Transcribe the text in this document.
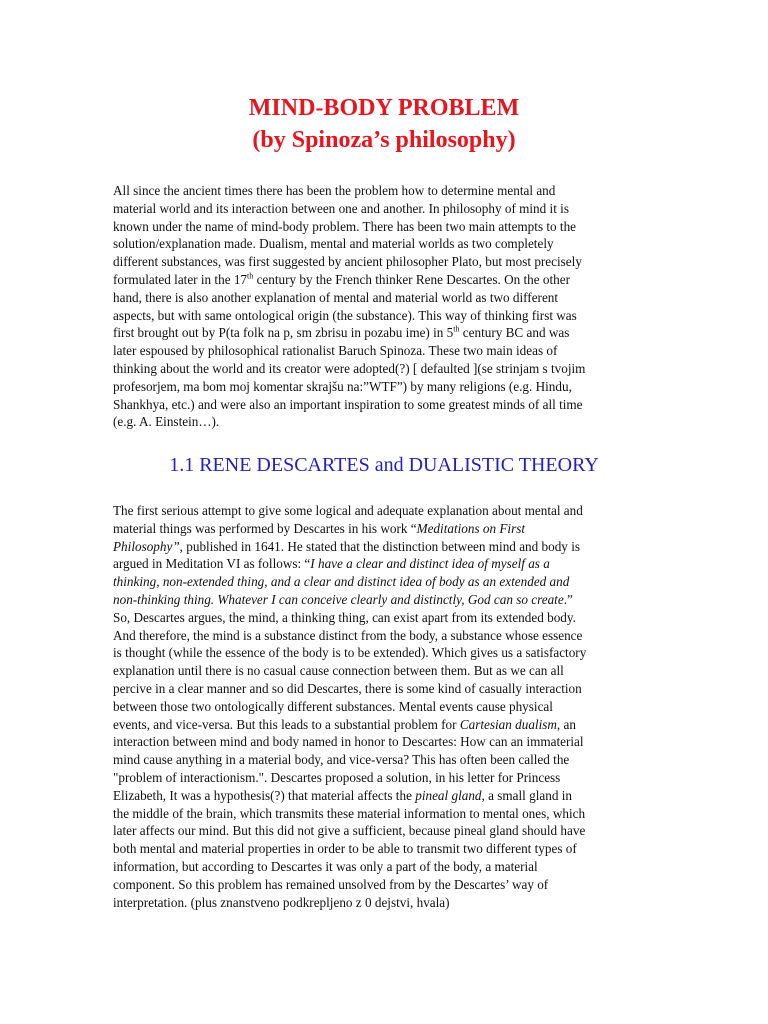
MIND-BODY PROBLEM
(by Spinoza’s philosophy)
All since the ancient times there has been the problem how to determine mental and
material world and its interaction between one and another. In philosophy of mind it is
known under the name of mind-body problem. There has been two main attempts to the
solution/explanation made. Dualism, mental and material worlds as two completely
different substances, was first suggested by ancient philosopher Plato, but most precisely
formulated later in the 17th century by the French thinker Rene Descartes. On the other
hand, there is also another explanation of mental and material world as two different
aspects, but with same ontological origin (the substance). This way of thinking first was
first brought out by P(ta folk na p, sm zbrisu in pozabu ime) in 5th century BC and was
later espoused by philosophical rationalist Baruch Spinoza. These two main ideas of
thinking about the world and its creator were adopted(?) [ defaulted ](se strinjam s tvojim
profesorjem, ma bom moj komentar skrajšu na:”WTF”) by many religions (e.g. Hindu,
Shankhya, etc.) and were also an important inspiration to some greatest minds of all time
(e.g. A. Einstein…).
1.1 RENE DESCARTES and DUALISTIC THEORY
The first serious attempt to give some logical and adequate explanation about mental and
material things was performed by Descartes in his work “Meditations on First
Philosophy”, published in 1641. He stated that the distinction between mind and body is
argued in Meditation VI as follows: “I have a clear and distinct idea of myself as a
thinking, non-extended thing, and a clear and distinct idea of body as an extended and
non-thinking thing. Whatever I can conceive clearly and distinctly, God can so create.”
So, Descartes argues, the mind, a thinking thing, can exist apart from its extended body.
And therefore, the mind is a substance distinct from the body, a substance whose essence
is thought (while the essence of the body is to be extended). Which gives us a satisfactory
explanation until there is no casual cause connection between them. But as we can all
percive in a clear manner and so did Descartes, there is some kind of casually interaction
between those two ontologically different substances. Mental events cause physical
events, and vice-versa. But this leads to a substantial problem for Cartesian dualism, an
interaction between mind and body named in honor to Descartes: How can an immaterial
mind cause anything in a material body, and vice-versa? This has often been called the
"problem of interactionism.". Descartes proposed a solution, in his letter for Princess
Elizabeth, It was a hypothesis(?) that material affects the pineal gland, a small gland in
the middle of the brain, which transmits these material information to mental ones, which
later affects our mind. But this did not give a sufficient, because pineal gland should have
both mental and material properties in order to be able to transmit two different types of
information, but according to Descartes it was only a part of the body, a material
component. So this problem has remained unsolved from by the Descartes’ way of
interpretation. (plus znanstveno podkrepljeno z 0 dejstvi, hvala)
